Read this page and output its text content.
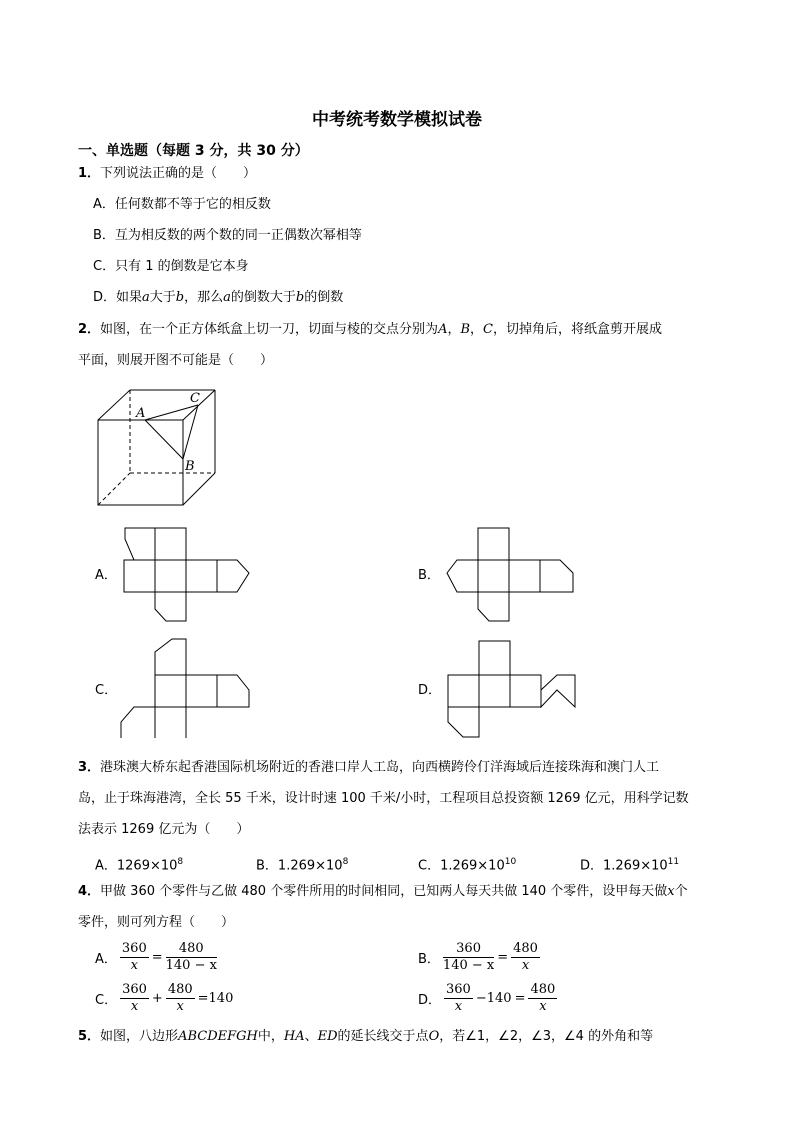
中考统考数学模拟试卷
一、单选题（每题 3 分，共 30 分）
1．下列说法正确的是（　　）
A．任何数都不等于它的相反数
B．互为相反数的两个数的同一正偶数次幂相等
C．只有 1 的倒数是它本身
D．如果a大于b，那么a的倒数大于b的倒数
2．如图，在一个正方体纸盒上切一刀，切面与棱的交点分别为A，B，C，切掉角后，将纸盒剪开展成
平面，则展开图不可能是（　　）
A
C
B
A．	B．
C．	D．
3．港珠澳大桥东起香港国际机场附近的香港口岸人工岛，向西横跨伶仃洋海域后连接珠海和澳门人工
岛，止于珠海港湾，全长 55 千米，设计时速 100 千米/小时，工程项目总投资额 1269 亿元，用科学记数
法表示 1269 亿元为（　　）
A．$1269\times 10^8$	B．$1.269\times 10^8$	C．$1.269\times 10^{10}$	D．$1.269\times 10^{11}$
4．甲做 360 个零件与乙做 480 个零件所用的时间相同，已知两人每天共做 140 个零件，设甲每天做x个
零件，则可列方程（　　）
A． $\frac{360}{x} = \frac{480}{140 - x}$	B． $\frac{360}{140 - x} = \frac{480}{x}$
C． $\frac{360}{x} + \frac{480}{x} =140$	D． $\frac{360}{x} -140 = \frac{480}{x}$
5．如图，八边形ABCDEFGH中，HA、ED的延长线交于点O，若∠1，∠2，∠3，∠4 的外角和等
